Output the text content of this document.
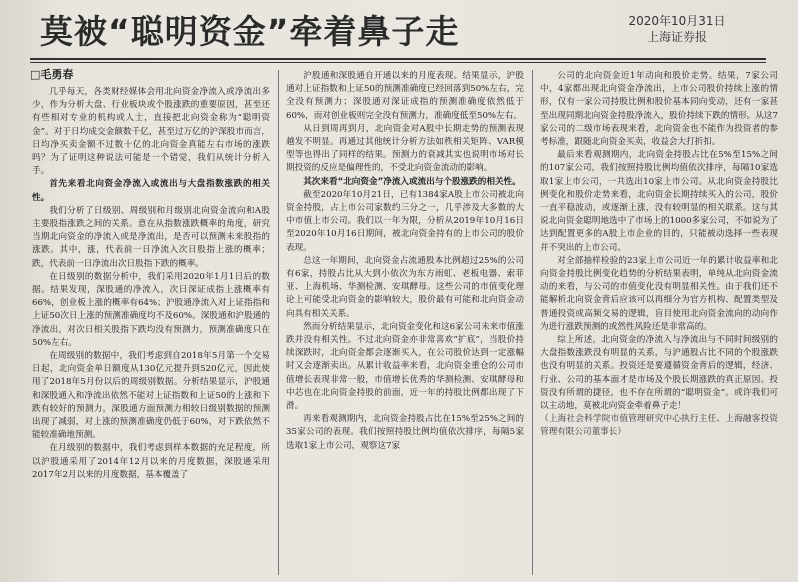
莫被“聪明资金”牵着鼻子走	2020年10月31日
上海证券报
□毛勇春

几乎每天，各类财经媒体会用北向资金净流入或净流出多少，作为分析大盘、行业板块或个股涨跌的重要原因，甚至还有些相对专业的机构或人士，直接把北向资金称为“聪明资金”。对于日均成交金额数千亿，甚至过万亿的沪深股市而言，日均净买卖金额不过数十亿的北向资金真能左右市场的涨跌吗？为了证明这种说法可能是一个错觉，我们从统计分析入手。

首先来看北向资金净流入或流出与大盘指数涨跌的相关性。

我们分析了日级别、周级别和月级别北向资金流向和A股主要股指涨跌之间的关系。意在从指数涨跌概率的角度，研究当期北向资金的净流入或是净流出，是否可以预测未来股指的涨跌。其中，涨，代表前一日净流入次日股指上涨的概率；跌，代表前一日净流出次日股指下跌的概率。

在日级别的数据分析中，我们采用2020年1月1日后的数据。结果发现，深股通的净流入，次日深证成指上涨概率有66%，创业板上涨的概率有64%；沪股通净流入对上证指指和上证50次日上涨的预测准确度均不及60%。深股通和沪股通的净流出，对次日相关股指下跌均没有预测力，预测准确度只在50%左右。

在周级别的数据中，我们考虑到自2018年5月第一个交易日起，北向资金单日额度从130亿元提升到520亿元，因此使用了2018年5月份以后的周级别数据。分析结果显示，沪股通和深股通入和净流出依然不能对上证指数和上证50的上涨和下跌有较好的预测力，深股通方面预测力相较日级别数据的预测出现了减弱，对上涨的预测准确度仍低于60%，对下跌依然不能较准确地预测。

在月级别的数据中，我们考虑到样本数据的充足程度，所以沪股通采用了2014年12月以来的月度数据，深股通采用2017年2月以来的月度数据，基本覆盖了

沪股通和深股通自开通以来的月度表现。结果显示，沪股通对上证指数和上证50的预测准确度已经回落到50%左右，完全没有预测力；深股通对深证成指的预测准确度依然低于60%，而对创业板则完全没有预测力，准确度低至50%左右。

从日到周再到月，北向资金对A股中长期走势的预测表现越发不明显。再通过其他统计分析方法如秩相关矩阵、VAR模型等也得出了同样的结果。预测力的衰减其实也说明市场对长期投资的反应是偏理性的，不受北向资金流动的影响。

其次来看“北向资金”净流入或流出与个股涨跌的相关性。

截至2020年10月21日，已有1384家A股上市公司被北向资金持股，占上市公司家数约三分之一，几乎涉及大多数的大中市值上市公司。我们以一年为限，分析从2019年10月16日至2020年10月16日期间，被北向资金持有的上市公司的股价表现。

总这一年期间，北向资金占流通股本比例超过25%的公司有6家，持股占比从大到小依次为东方雨虹、老板电器、索菲亚、上海机场、华测检测、安琪酵母。这些公司的市值变化理论上可能受北向资金的影响较大，股价最有可能和北向资金动向具有相关关系。

然而分析结果显示，北向资金变化和这6家公司未来市值涨跌并没有相关性。不过北向资金亦非常喜欢“扩底”，当股价持续深跌时，北向资金都会逐渐买入，在公司股价达到一定涨幅时又会逐渐卖出。从累计收益率来看，北向资金重仓的公司市值增长表现非常一般，市值增长优秀的华测检测、安琪酵母和中芯也在北向资金持股的前面，近一年的持股比例都出现了下滑。

再来看观测期内，北向资金持股占比在15%至25%之间的35家公司的表现。我们按照持股比例均值依次排序，每隔5家选取1家上市公司，观察这7家

公司的北向资金近1年动向和股价走势。结果，7家公司中，4家都出现北向资金净流出，上市公司股价持续上涨的情形，仅有一家公司持股比例和股价基本同向变动，还有一家甚至出现同期北向资金持股净流入，股价持续下跌的情形。从这7家公司的二级市场表现来看，北向资金也不能作为投资者的参考标准，跟随北向资金买卖，收益会大打折扣。

最后来看观测期内，北向资金持股占比在5%至15%之间的107家公司，我们按照持股比例均值依次排序，每隔10家选取1家上市公司，一共选出10家上市公司。从北向资金持股比例变化和股价走势来看，北向资金长期持续买入的公司，股价一直平稳波动，或逐渐上涨，没有较明显的相关联系。这与其说北向资金聪明地选中了市场上的1000多家公司，不如说为了达到配置更多的A股上市企业的目的，只能被动选择一些表现并不突出的上市公司。

对全部抽样检验的23家上市公司近一年的累计收益率和北向资金持股比例变化趋势的分析结果表明，单纯从北向资金流动的来看，与公司的市值变化没有明显相关性。由于我们还不能解析北向资金背后应该可以再细分为官方机构、配置类型及普通投资或高频交易的逻辑，盲目使用北向资金流向的动向作为进行涨跌预测的或然性风险还是非常高的。

综上所述，北向资金的净流入与净流出与不同时间级别的大盘指数涨跌没有明显的关系，与沪通股占比不同的个股涨跌也没有明显的关系。投资还是要遵循资金背后的逻辑，经济、行业、公司的基本面才是市场及个股长期涨跌的真正原因。投资没有所谓的捷径，也不存在所谓的“聪明资金”。或许我们可以主动地，莫被北向资金牵着鼻子走！

（上海社会科学院市值管理研究中心执行主任、上海融客投资管理有限公司董事长）
